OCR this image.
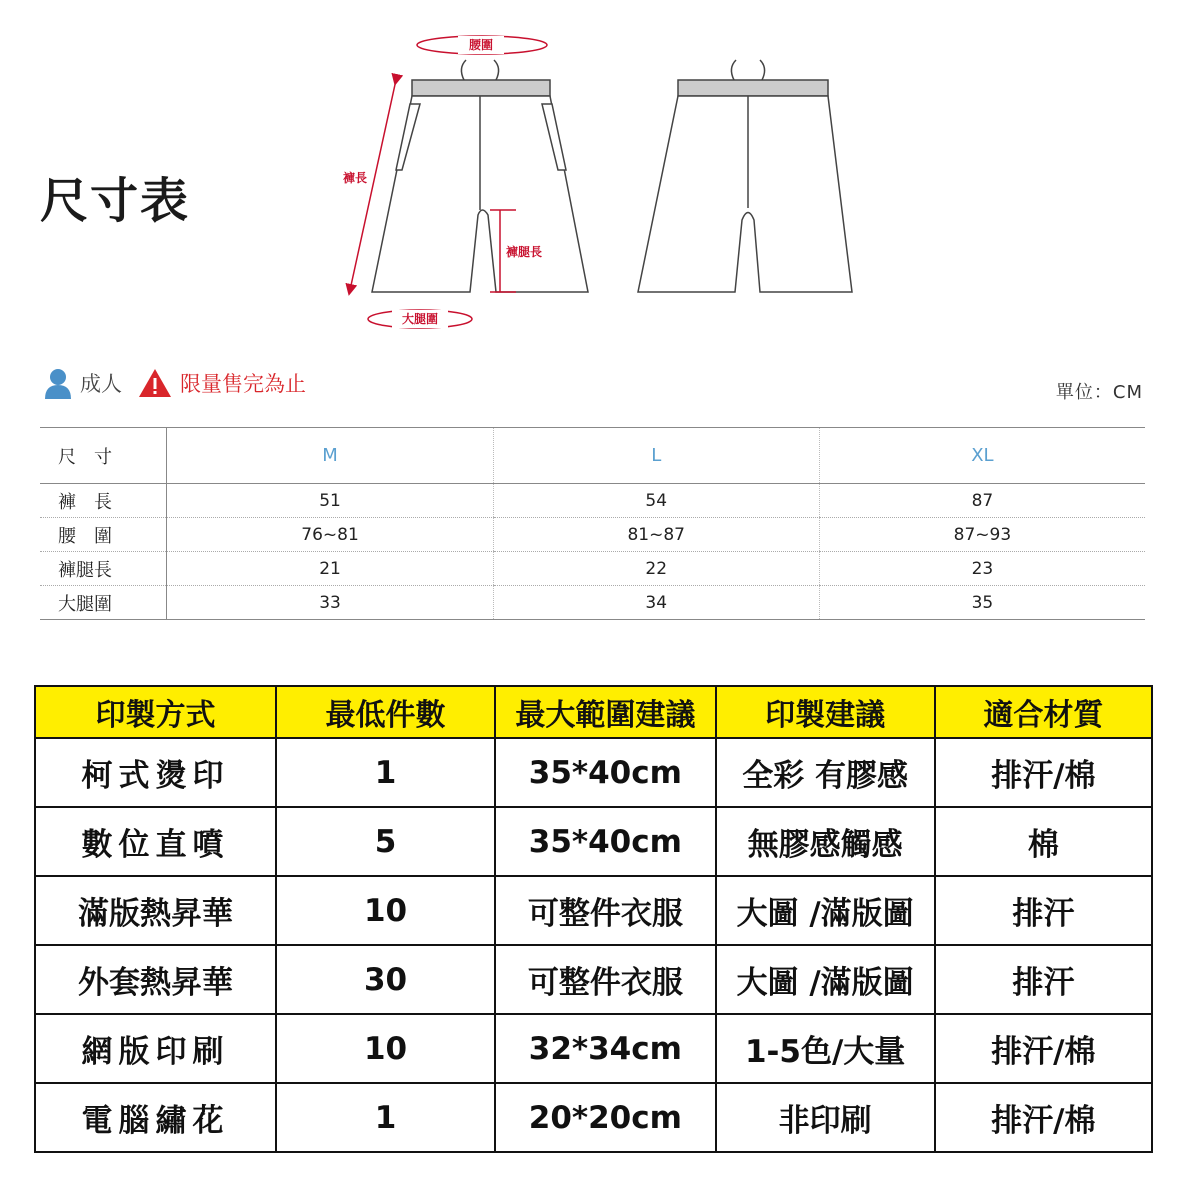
尺寸表
腰圍
褲長
褲腿長
大腿圍
成人	限量售完為止	單位：CM
尺　寸	M	L	XL
褲　長	51	54	87
腰　圍	76~81	81~87	87~93
褲腿長	21	22	23
大腿圍	33	34	35
印製方式	最低件數	最大範圍建議	印製建議	適合材質
柯式燙印	1	35*40cm	全彩 有膠感	排汗/棉
數位直噴	5	35*40cm	無膠感觸感	棉
滿版熱昇華	10	可整件衣服	大圖 /滿版圖	排汗
外套熱昇華	30	可整件衣服	大圖 /滿版圖	排汗
網版印刷	10	32*34cm	1-5色/大量	排汗/棉
電腦繡花	1	20*20cm	非印刷	排汗/棉
